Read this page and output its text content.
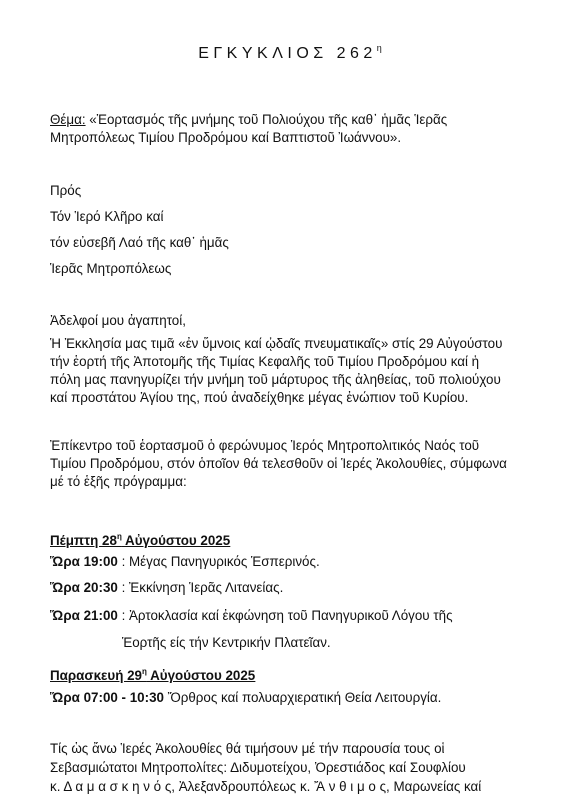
ΕΓΚΥΚΛΙΟΣ $262^\eta$
Θέμα: «Ἑορτασμός τῆς μνήμης τοῦ Πολιούχου τῆς καθ᾽ ἡμᾶς Ἱερᾶς Μητροπόλεως Τιμίου Προδρόμου καί Βαπτιστοῦ Ἰωάννου».
Πρός
Τόν Ἱερό Κλῆρο καί
τόν εὐσεβῆ Λαό τῆς καθ᾽ ἡμᾶς
Ἱερᾶς Μητροπόλεως
Ἀδελφοί μου ἀγαπητοί,
Ἡ Ἐκκλησία μας τιμᾶ «ἐν ὕμνοις καί ᾠδαῖς πνευματικαῖς» στίς 29 Αὐγούστου τήν ἑορτή τῆς Ἀποτομῆς τῆς Τιμίας Κεφαλῆς τοῦ Τιμίου Προδρόμου καί ἡ πόλη μας πανηγυρίζει τήν μνήμη τοῦ μάρτυρος τῆς ἀληθείας, τοῦ πολιούχου καί προστάτου Ἁγίου της, πού ἀναδείχθηκε μέγας ἐνώπιον τοῦ Κυρίου.
Ἐπίκεντρο τοῦ ἑορτασμοῦ ὁ φερώνυμος Ἱερός Μητροπολιτικός Ναός τοῦ Τιμίου Προδρόμου, στόν ὁποῖον θά τελεσθοῦν οἱ Ἱερές Ἀκολουθίες, σύμφωνα μέ τό ἑξῆς πρόγραμμα:
Πέμπτη $28^\eta$ Αὐγούστου 2025
Ὥρα 19:00 : Μέγας Πανηγυρικός Ἑσπερινός.
Ὥρα 20:30 : Ἐκκίνηση Ἱερᾶς Λιτανείας.
Ὥρα 21:00 : Ἀρτοκλασία καί ἐκφώνηση τοῦ Πανηγυρικοῦ Λόγου τῆς
Ἑορτῆς είς τήν Κεντρικήν Πλατεῖαν.
Παρασκευή $29^\eta$ Αὐγούστου 2025
Ὥρα 07:00 - 10:30 Ὄρθρος καί πολυαρχιερατική Θεία Λειτουργία.
Τίς ὡς ἄνω Ἱερές Ἀκολουθίες θά τιμήσουν μέ τήν παρουσία τους οἱ
Σεβασμιώτατοι Μητροπολίτες: Διδυμοτείχου, Ὀρεστιάδος καί Σουφλίου
κ. Δ α μ α σ κ η ν ό ς, Ἀλεξανδρουπόλεως κ. Ἄ ν θ ι μ ο ς, Μαρωνείας καί
